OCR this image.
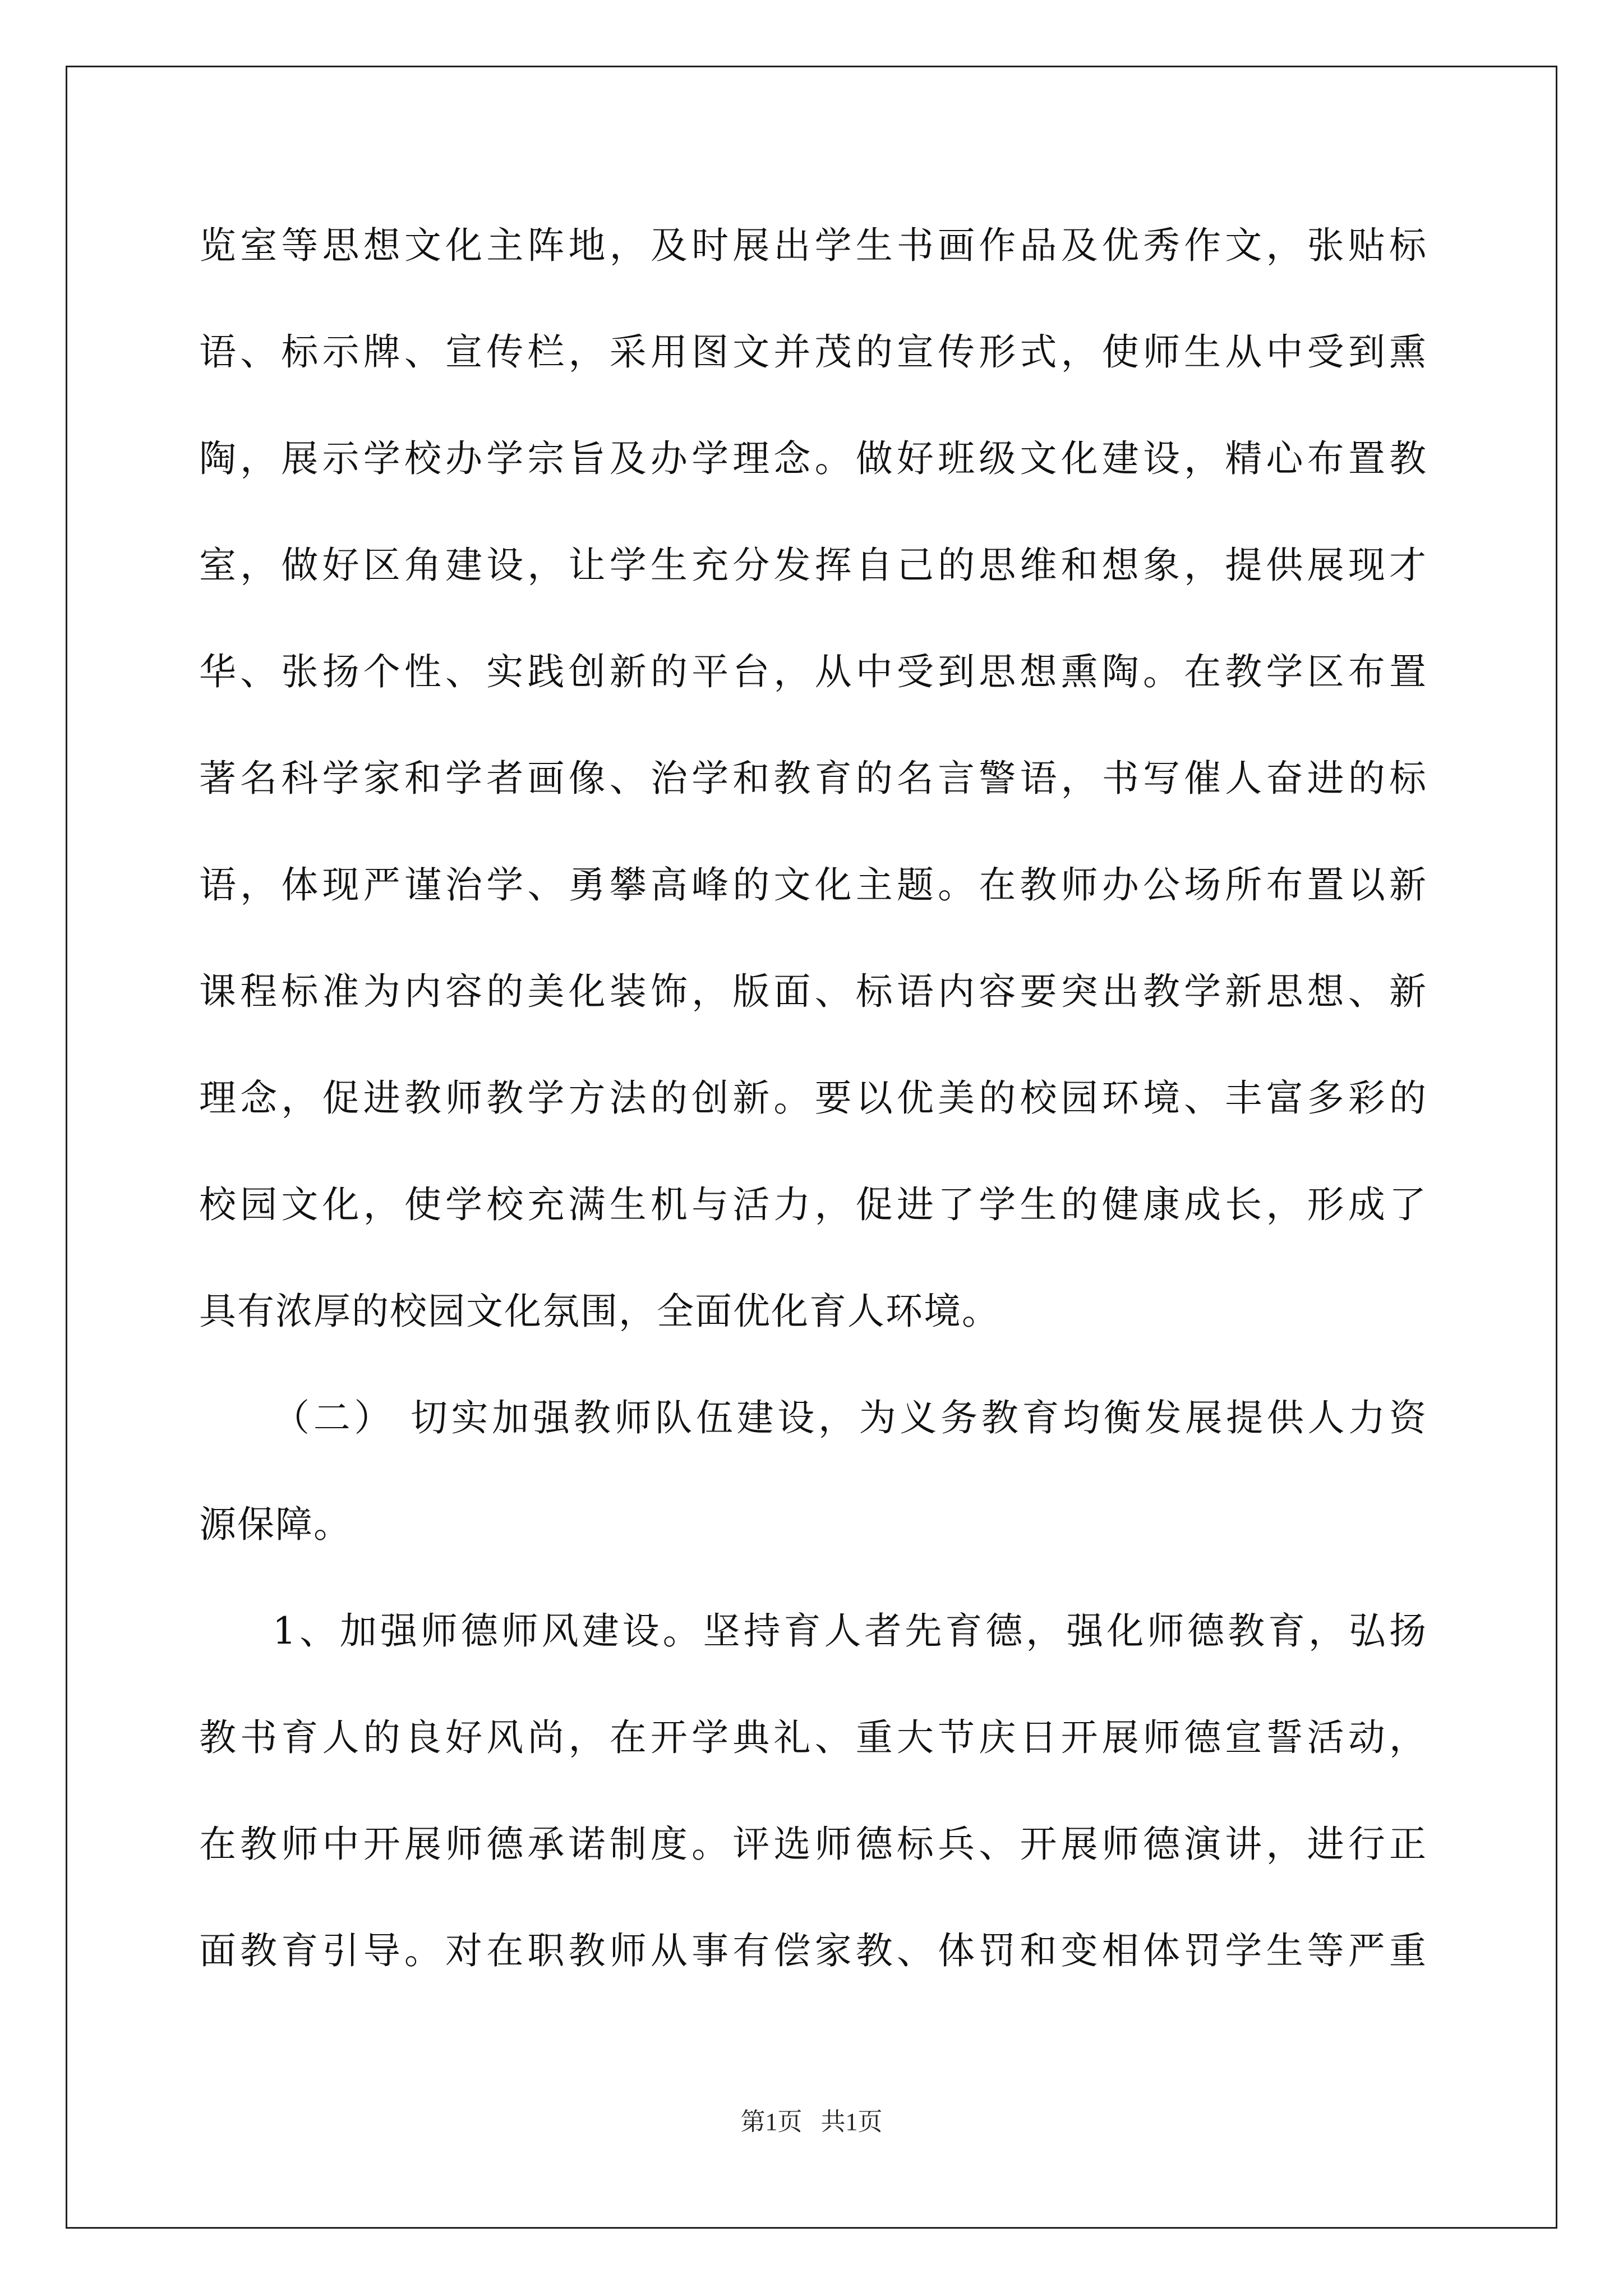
览室等思想文化主阵地，及时展出学生书画作品及优秀作文，张贴标
语、标示牌、宣传栏，采用图文并茂的宣传形式，使师生从中受到熏
陶，展示学校办学宗旨及办学理念。做好班级文化建设，精心布置教
室，做好区角建设，让学生充分发挥自己的思维和想象，提供展现才
华、张扬个性、实践创新的平台，从中受到思想熏陶。在教学区布置
著名科学家和学者画像、治学和教育的名言警语，书写催人奋进的标
语，体现严谨治学、勇攀高峰的文化主题。在教师办公场所布置以新
课程标准为内容的美化装饰，版面、标语内容要突出教学新思想、新
理念，促进教师教学方法的创新。要以优美的校园环境、丰富多彩的
校园文化，使学校充满生机与活力，促进了学生的健康成长，形成了
具有浓厚的校园文化氛围，全面优化育人环境。
（二） 切实加强教师队伍建设，为义务教育均衡发展提供人力资
源保障。
1、加强师德师风建设。坚持育人者先育德，强化师德教育，弘扬
教书育人的良好风尚，在开学典礼、重大节庆日开展师德宣誓活动，
在教师中开展师德承诺制度。评选师德标兵、开展师德演讲，进行正
面教育引导。对在职教师从事有偿家教、体罚和变相体罚学生等严重
第1页   共1页
